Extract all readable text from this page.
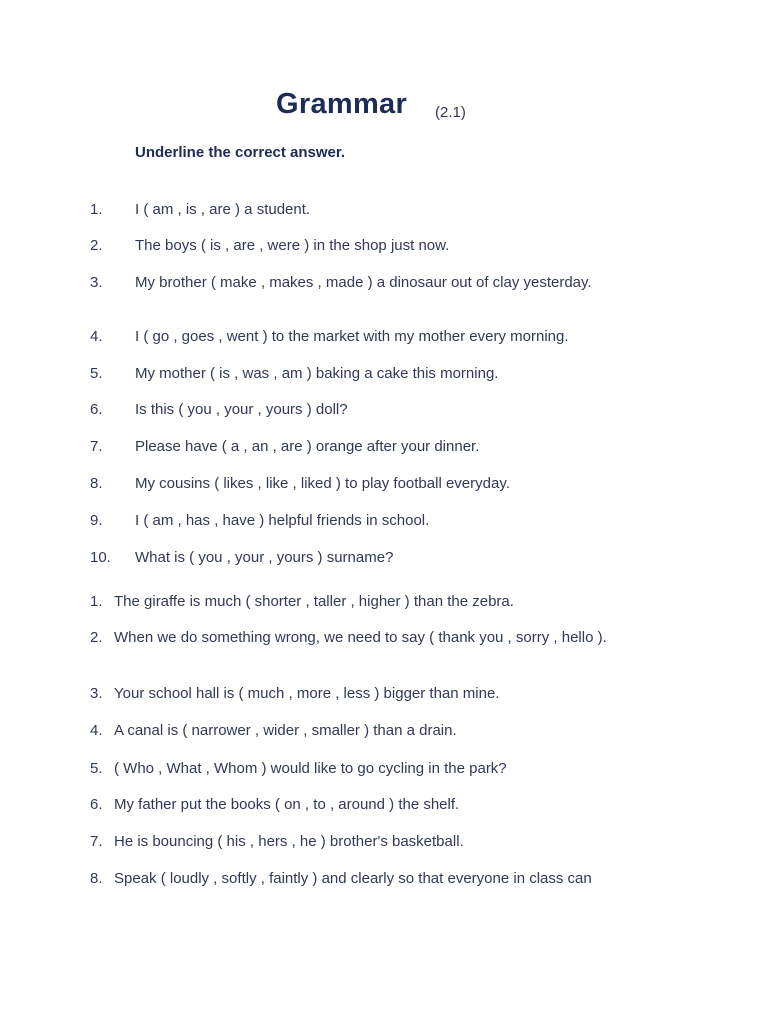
Grammar (2.1)
Underline the correct answer.
1. I ( am , is , are ) a student.
2. The boys ( is , are , were ) in the shop just now.
3. My brother ( make , makes , made ) a dinosaur out of clay yesterday.
4. I ( go , goes , went ) to the market with my mother every morning.
5. My mother ( is , was , am ) baking a cake this morning.
6. Is this ( you , your , yours ) doll?
7. Please have ( a , an , are ) orange after your dinner.
8. My cousins ( likes , like , liked ) to play football everyday.
9. I ( am , has , have ) helpful friends in school.
10. What is ( you , your , yours ) surname?
1. The giraffe is much ( shorter , taller , higher ) than the zebra.
2. When we do something wrong, we need to say ( thank you , sorry , hello ).
3. Your school hall is ( much , more , less ) bigger than mine.
4. A canal is ( narrower , wider , smaller ) than a drain.
5. ( Who , What , Whom ) would like to go cycling in the park?
6. My father put the books ( on , to , around ) the shelf.
7. He is bouncing ( his , hers , he ) brother's basketball.
8. Speak ( loudly , softly , faintly ) and clearly so that everyone in class can
